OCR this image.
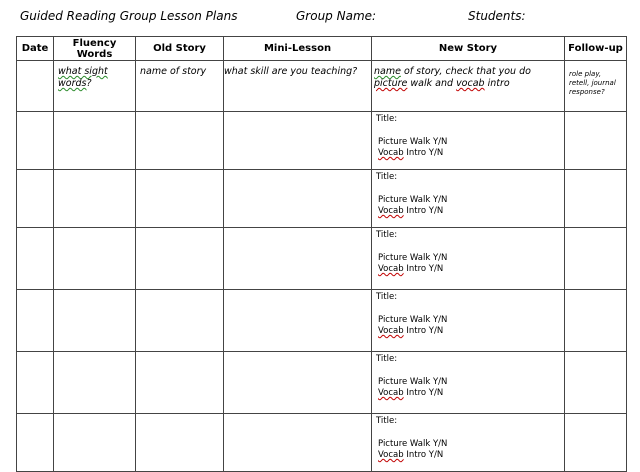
Guided Reading Group Lesson Plans	Group Name:	Students:
Date	Fluency Words	Old Story	Mini-Lesson	New Story	Follow-up
	what sight words?	name of story	what skill are you teaching?	name of story, check that you do
picture walk and vocab intro	role play, retell, journal response?

				Title:
Picture Walk Y/N
Vocab Intro Y/N	

				Title:
Picture Walk Y/N
Vocab Intro Y/N	

				Title:
Picture Walk Y/N
Vocab Intro Y/N	

				Title:
Picture Walk Y/N
Vocab Intro Y/N	

				Title:
Picture Walk Y/N
Vocab Intro Y/N	

				Title:
Picture Walk Y/N
Vocab Intro Y/N	
